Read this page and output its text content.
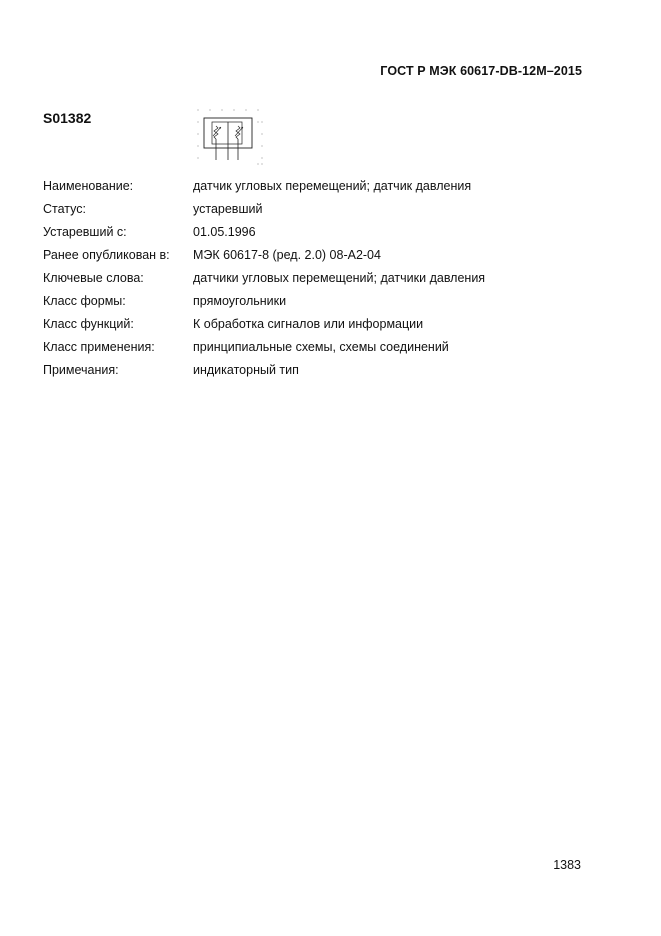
ГОСТ Р МЭК 60617-DB-12M–2015
S01382
Наименование:	датчик угловых перемещений; датчик давления
Статус:	устаревший
Устаревший с:	01.05.1996
Ранее опубликован в:	МЭК 60617-8 (ред. 2.0) 08-A2-04
Ключевые слова:	датчики угловых перемещений; датчики давления
Класс формы:	прямоугольники
Класс функций:	К обработка сигналов или информации
Класс применения:	принципиальные схемы, схемы соединений
Примечания:	индикаторный тип
1383
